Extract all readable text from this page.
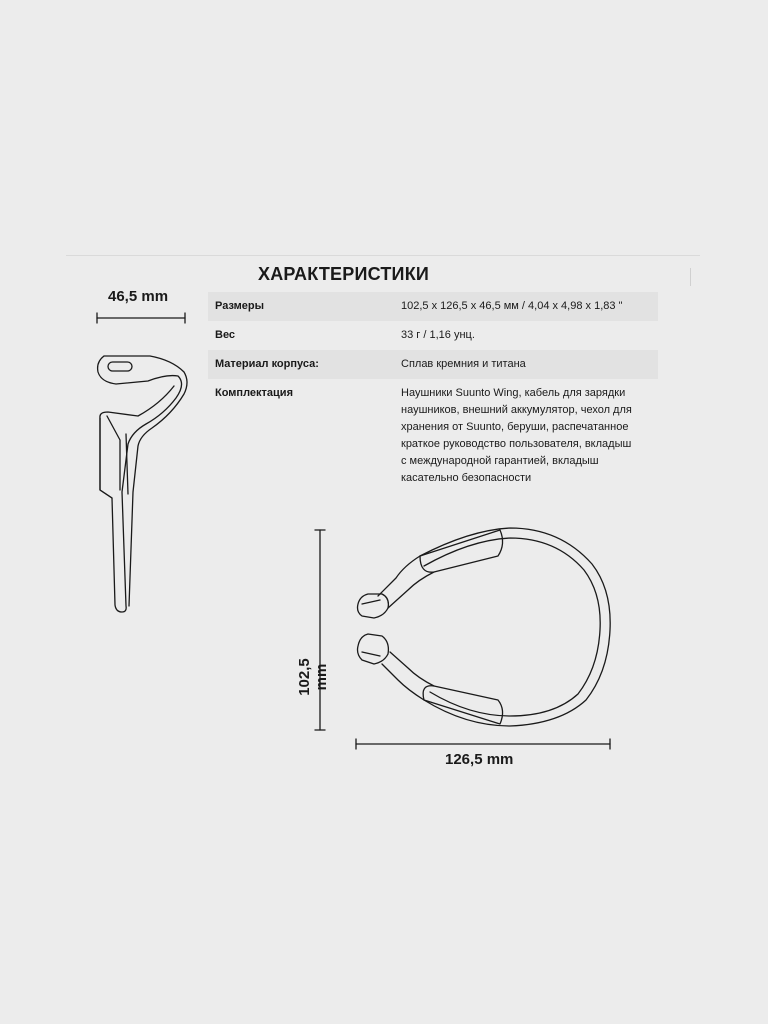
ХАРАКТЕРИСТИКИ
Размеры	102,5 x 126,5 x 46,5 мм / 4,04 x 4,98 x 1,83 "
Вес	33 г / 1,16 унц.
Материал корпуса:	Сплав кремния и титана
Комплектация	Наушники Suunto Wing, кабель для зарядки наушников, внешний аккумулятор, чехол для хранения от Suunto, беруши, распечатанное краткое руководство пользователя, вкладыш с международной гарантией, вкладыш касательно безопасности
46,5 mm
102,5 mm
126,5 mm
